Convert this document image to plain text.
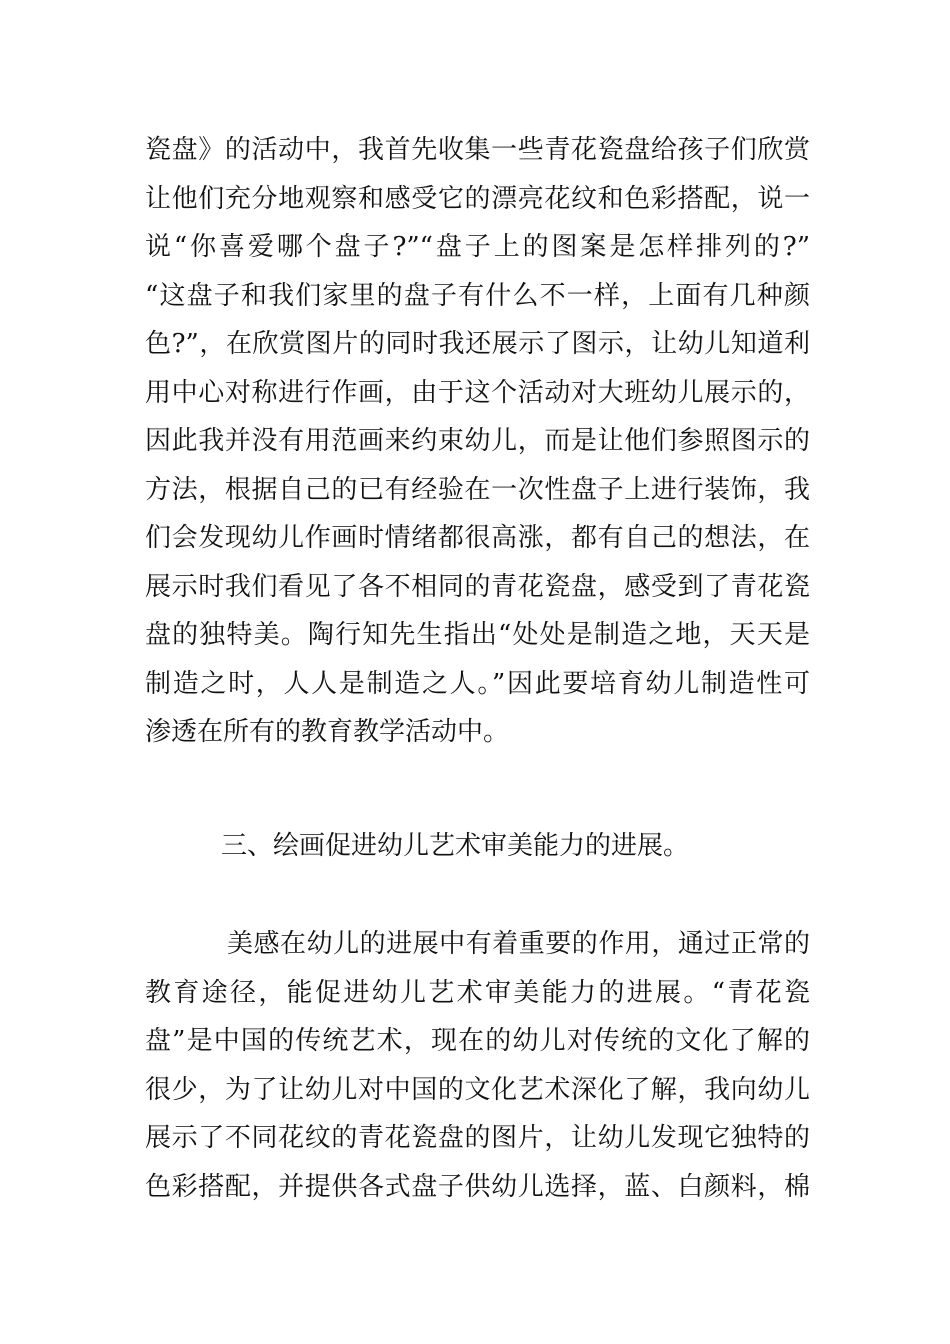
瓷盘》的活动中，我首先收集一些青花瓷盘给孩子们欣赏
让他们充分地观察和感受它的漂亮花纹和色彩搭配，说一
说“你喜爱哪个盘子?”“盘子上的图案是怎样排列的?”
“这盘子和我们家里的盘子有什么不一样，上面有几种颜
色?”，在欣赏图片的同时我还展示了图示，让幼儿知道利
用中心对称进行作画，由于这个活动对大班幼儿展示的，
因此我并没有用范画来约束幼儿，而是让他们参照图示的
方法，根据自己的已有经验在一次性盘子上进行装饰，我
们会发现幼儿作画时情绪都很高涨，都有自己的想法，在
展示时我们看见了各不相同的青花瓷盘，感受到了青花瓷
盘的独特美。陶行知先生指出“处处是制造之地，天天是
制造之时，人人是制造之人。”因此要培育幼儿制造性可
渗透在所有的教育教学活动中。
三、绘画促进幼儿艺术审美能力的进展。
美感在幼儿的进展中有着重要的作用，通过正常的
教育途径，能促进幼儿艺术审美能力的进展。“青花瓷
盘”是中国的传统艺术，现在的幼儿对传统的文化了解的
很少，为了让幼儿对中国的文化艺术深化了解，我向幼儿
展示了不同花纹的青花瓷盘的图片，让幼儿发现它独特的
色彩搭配，并提供各式盘子供幼儿选择，蓝、白颜料，棉
